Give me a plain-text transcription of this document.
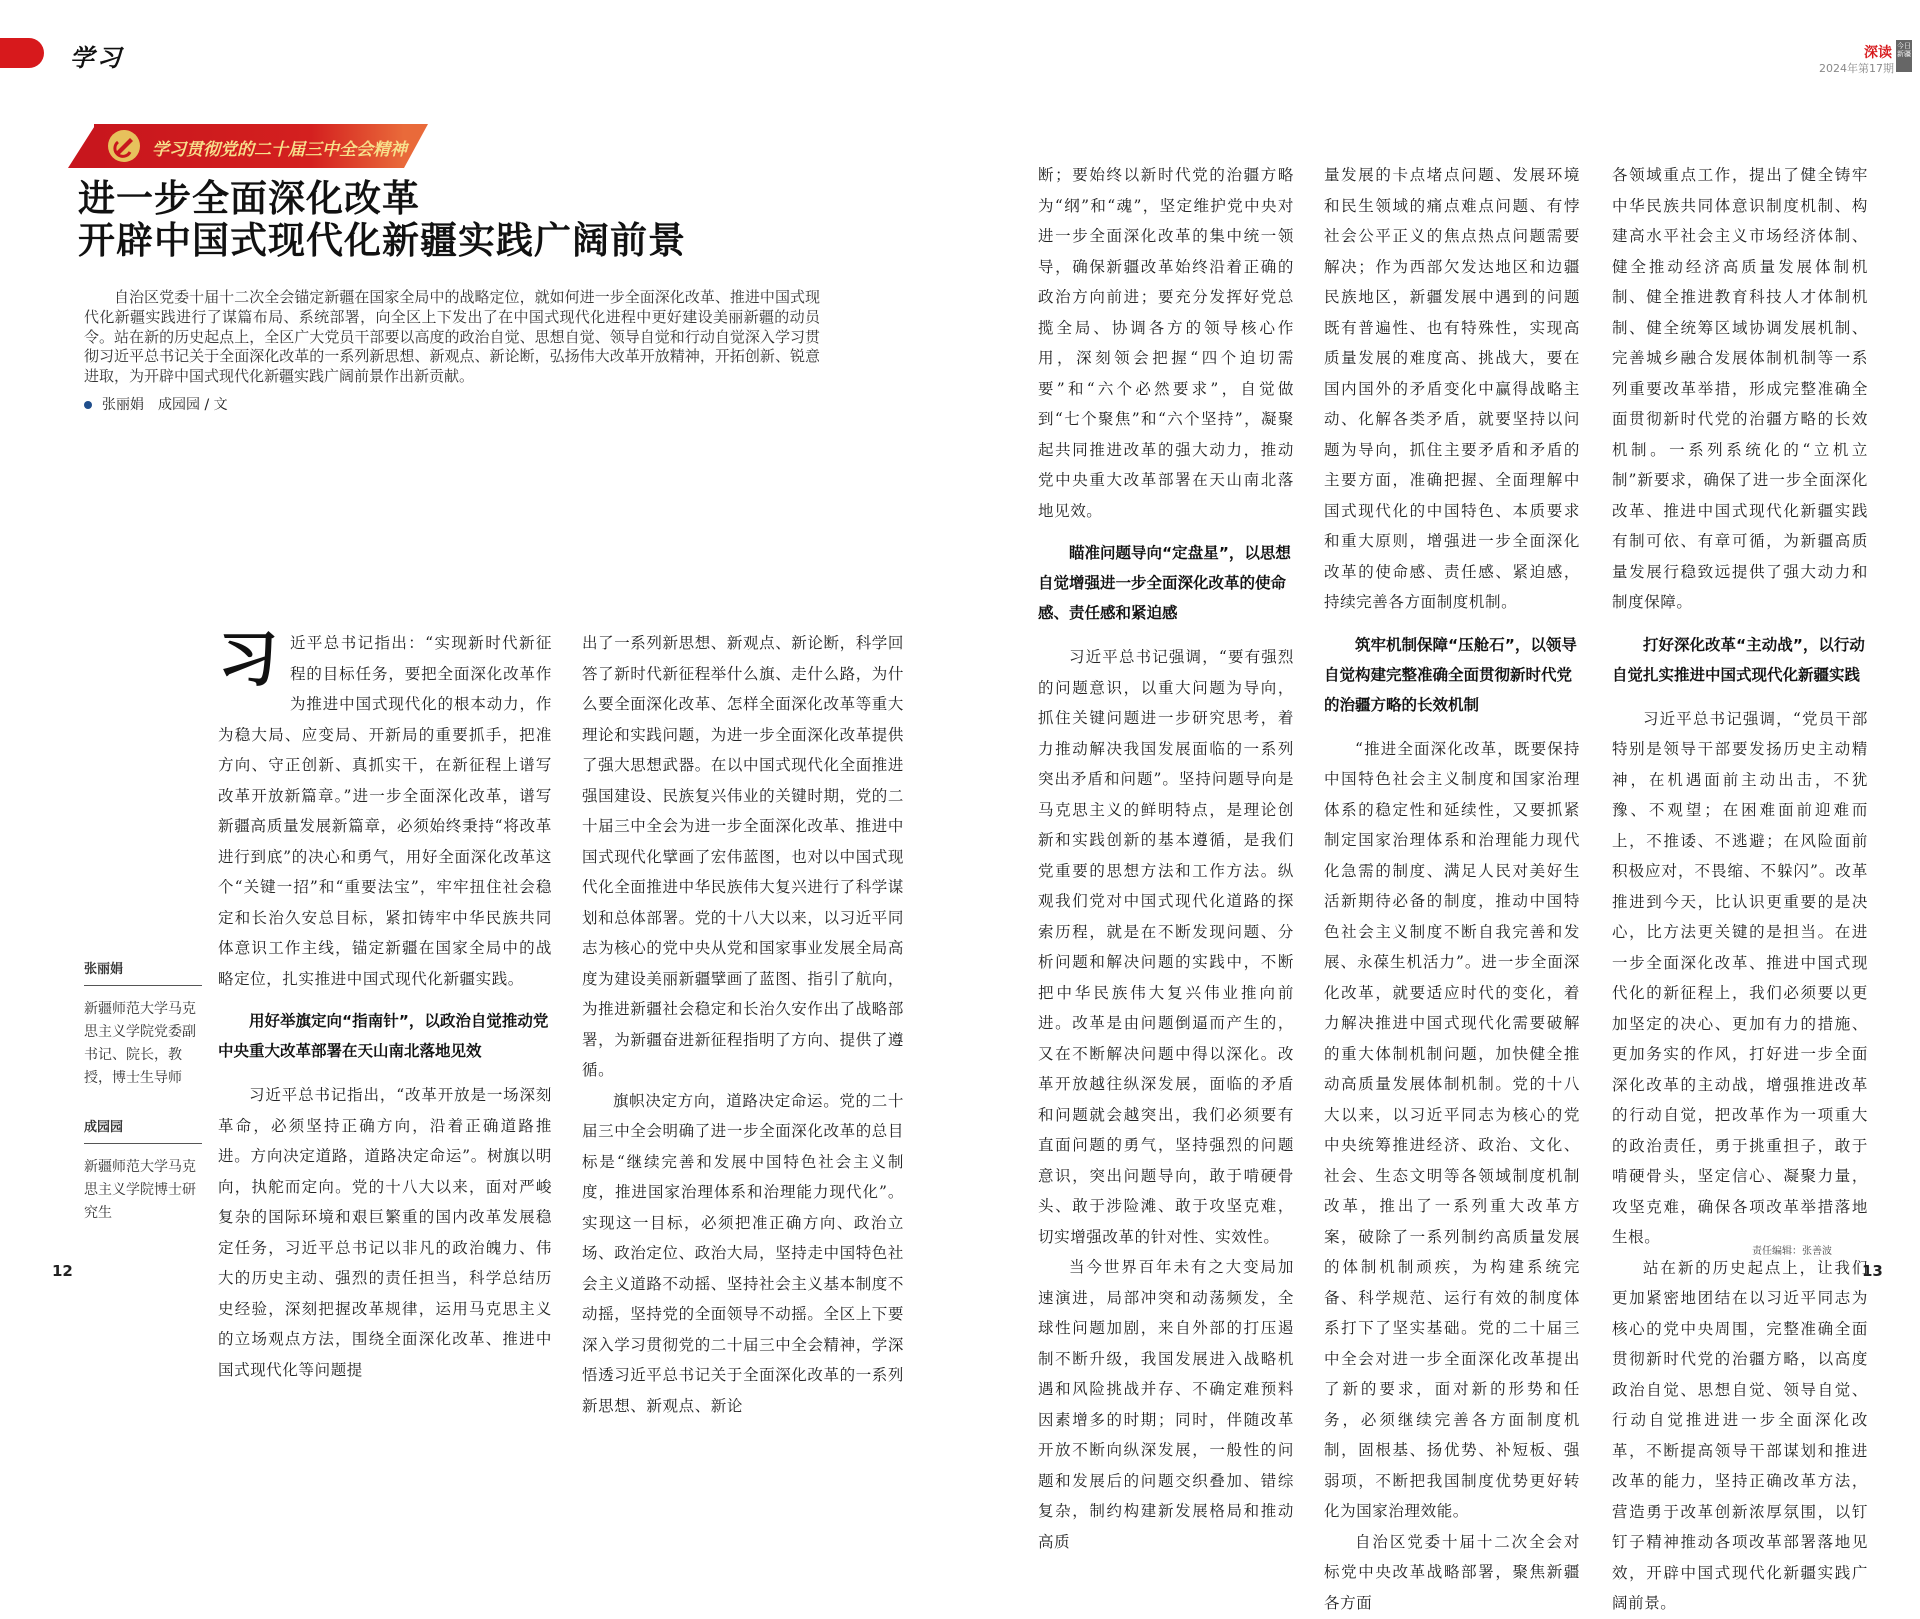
学习	深读 今日新疆
2024年第17期
学习贯彻党的二十届三中全会精神
进一步全面深化改革
开辟中国式现代化新疆实践广阔前景
自治区党委十届十二次全会锚定新疆在国家全局中的战略定位，就如何进一步全面深化改革、推进中国式现代化新疆实践进行了谋篇布局、系统部署，向全区上下发出了在中国式现代化进程中更好建设美丽新疆的动员令。站在新的历史起点上，全区广大党员干部要以高度的政治自觉、思想自觉、领导自觉和行动自觉深入学习贯彻习近平总书记关于全面深化改革的一系列新思想、新观点、新论断，弘扬伟大改革开放精神，开拓创新、锐意进取，为开辟中国式现代化新疆实践广阔前景作出新贡献。
张丽娟　成园园 / 文
张丽娟
新疆师范大学马克思主义学院党委副书记、院长，教授，博士生导师
成园园
新疆师范大学马克思主义学院博士研究生
习 近平总书记指出：“实现新时代新征程的目标任务，要把全面深化改革作为推进中国式现代化的根本动力，作为稳大局、应变局、开新局的重要抓手，把准方向、守正创新、真抓实干，在新征程上谱写改革开放新篇章。”进一步全面深化改革，谱写新疆高质量发展新篇章，必须始终秉持“将改革进行到底”的决心和勇气，用好全面深化改革这个“关键一招”和“重要法宝”，牢牢扭住社会稳定和长治久安总目标，紧扣铸牢中华民族共同体意识工作主线，锚定新疆在国家全局中的战略定位，扎实推进中国式现代化新疆实践。

用好举旗定向“指南针”，以政治自觉推动党中央重大改革部署在天山南北落地见效

习近平总书记指出，“改革开放是一场深刻革命，必须坚持正确方向，沿着正确道路推进。方向决定道路，道路决定命运”。树旗以明向，执舵而定向。党的十八大以来，面对严峻复杂的国际环境和艰巨繁重的国内改革发展稳定任务，习近平总书记以非凡的政治魄力、伟大的历史主动、强烈的责任担当，科学总结历史经验，深刻把握改革规律，运用马克思主义的立场观点方法，围绕全面深化改革、推进中国式现代化等问题提

出了一系列新思想、新观点、新论断，科学回答了新时代新征程举什么旗、走什么路，为什么要全面深化改革、怎样全面深化改革等重大理论和实践问题，为进一步全面深化改革提供了强大思想武器。在以中国式现代化全面推进强国建设、民族复兴伟业的关键时期，党的二十届三中全会为进一步全面深化改革、推进中国式现代化擘画了宏伟蓝图，也对以中国式现代化全面推进中华民族伟大复兴进行了科学谋划和总体部署。党的十八大以来，以习近平同志为核心的党中央从党和国家事业发展全局高度为建设美丽新疆擘画了蓝图、指引了航向，为推进新疆社会稳定和长治久安作出了战略部署，为新疆奋进新征程指明了方向、提供了遵循。

旗帜决定方向，道路决定命运。党的二十届三中全会明确了进一步全面深化改革的总目标是“继续完善和发展中国特色社会主义制度，推进国家治理体系和治理能力现代化”。实现这一目标，必须把准正确方向、政治立场、政治定位、政治大局，坚持走中国特色社会主义道路不动摇、坚持社会主义基本制度不动摇，坚持党的全面领导不动摇。全区上下要深入学习贯彻党的二十届三中全会精神，学深悟透习近平总书记关于全面深化改革的一系列新思想、新观点、新论

断；要始终以新时代党的治疆方略为“纲”和“魂”，坚定维护党中央对进一步全面深化改革的集中统一领导，确保新疆改革始终沿着正确的政治方向前进；要充分发挥好党总揽全局、协调各方的领导核心作用，深刻领会把握“四个迫切需要”和“六个必然要求”，自觉做到“七个聚焦”和“六个坚持”，凝聚起共同推进改革的强大动力，推动党中央重大改革部署在天山南北落地见效。

瞄准问题导向“定盘星”，以思想自觉增强进一步全面深化改革的使命感、责任感和紧迫感

习近平总书记强调，“要有强烈的问题意识，以重大问题为导向，抓住关键问题进一步研究思考，着力推动解决我国发展面临的一系列突出矛盾和问题”。坚持问题导向是马克思主义的鲜明特点，是理论创新和实践创新的基本遵循，是我们党重要的思想方法和工作方法。纵观我们党对中国式现代化道路的探索历程，就是在不断发现问题、分析问题和解决问题的实践中，不断把中华民族伟大复兴伟业推向前进。改革是由问题倒逼而产生的，又在不断解决问题中得以深化。改革开放越往纵深发展，面临的矛盾和问题就会越突出，我们必须要有直面问题的勇气，坚持强烈的问题意识，突出问题导向，敢于啃硬骨头、敢于涉险滩、敢于攻坚克难，切实增强改革的针对性、实效性。

当今世界百年未有之大变局加速演进，局部冲突和动荡频发，全球性问题加剧，来自外部的打压遏制不断升级，我国发展进入战略机遇和风险挑战并存、不确定难预料因素增多的时期；同时，伴随改革开放不断向纵深发展，一般性的问题和发展后的问题交织叠加、错综复杂，制约构建新发展格局和推动高质

量发展的卡点堵点问题、发展环境和民生领域的痛点难点问题、有悖社会公平正义的焦点热点问题需要解决；作为西部欠发达地区和边疆民族地区，新疆发展中遇到的问题既有普遍性、也有特殊性，实现高质量发展的难度高、挑战大，要在国内国外的矛盾变化中赢得战略主动、化解各类矛盾，就要坚持以问题为导向，抓住主要矛盾和矛盾的主要方面，准确把握、全面理解中国式现代化的中国特色、本质要求和重大原则，增强进一步全面深化改革的使命感、责任感、紧迫感，持续完善各方面制度机制。

筑牢机制保障“压舱石”，以领导自觉构建完整准确全面贯彻新时代党的治疆方略的长效机制

“推进全面深化改革，既要保持中国特色社会主义制度和国家治理体系的稳定性和延续性，又要抓紧制定国家治理体系和治理能力现代化急需的制度、满足人民对美好生活新期待必备的制度，推动中国特色社会主义制度不断自我完善和发展、永葆生机活力”。进一步全面深化改革，就要适应时代的变化，着力解决推进中国式现代化需要破解的重大体制机制问题，加快健全推动高质量发展体制机制。党的十八大以来，以习近平同志为核心的党中央统筹推进经济、政治、文化、社会、生态文明等各领域制度机制改革，推出了一系列重大改革方案，破除了一系列制约高质量发展的体制机制顽疾，为构建系统完备、科学规范、运行有效的制度体系打下了坚实基础。党的二十届三中全会对进一步全面深化改革提出了新的要求，面对新的形势和任务，必须继续完善各方面制度机制，固根基、扬优势、补短板、强弱项，不断把我国制度优势更好转化为国家治理效能。

自治区党委十届十二次全会对标党中央改革战略部署，聚焦新疆各方面

各领域重点工作，提出了健全铸牢中华民族共同体意识制度机制、构建高水平社会主义市场经济体制、健全推动经济高质量发展体制机制、健全推进教育科技人才体制机制、健全统筹区域协调发展机制、完善城乡融合发展体制机制等一系列重要改革举措，形成完整准确全面贯彻新时代党的治疆方略的长效机制。一系列系统化的“立机立制”新要求，确保了进一步全面深化改革、推进中国式现代化新疆实践有制可依、有章可循，为新疆高质量发展行稳致远提供了强大动力和制度保障。

打好深化改革“主动战”，以行动自觉扎实推进中国式现代化新疆实践

习近平总书记强调，“党员干部特别是领导干部要发扬历史主动精神，在机遇面前主动出击，不犹豫、不观望；在困难面前迎难而上，不推诿、不逃避；在风险面前积极应对，不畏缩、不躲闪”。改革推进到今天，比认识更重要的是决心，比方法更关键的是担当。在进一步全面深化改革、推进中国式现代化的新征程上，我们必须要以更加坚定的决心、更加有力的措施、更加务实的作风，打好进一步全面深化改革的主动战，增强推进改革的行动自觉，把改革作为一项重大的政治责任，勇于挑重担子，敢于啃硬骨头，坚定信心、凝聚力量，攻坚克难，确保各项改革举措落地生根。

站在新的历史起点上，让我们更加紧密地团结在以习近平同志为核心的党中央周围，完整准确全面贯彻新时代党的治疆方略，以高度政治自觉、思想自觉、领导自觉、行动自觉推进进一步全面深化改革，不断提高领导干部谋划和推进改革的能力，坚持正确改革方法，营造勇于改革创新浓厚氛围，以钉钉子精神推动各项改革部署落地见效，开辟中国式现代化新疆实践广阔前景。

12
责任编辑：张善波
13
